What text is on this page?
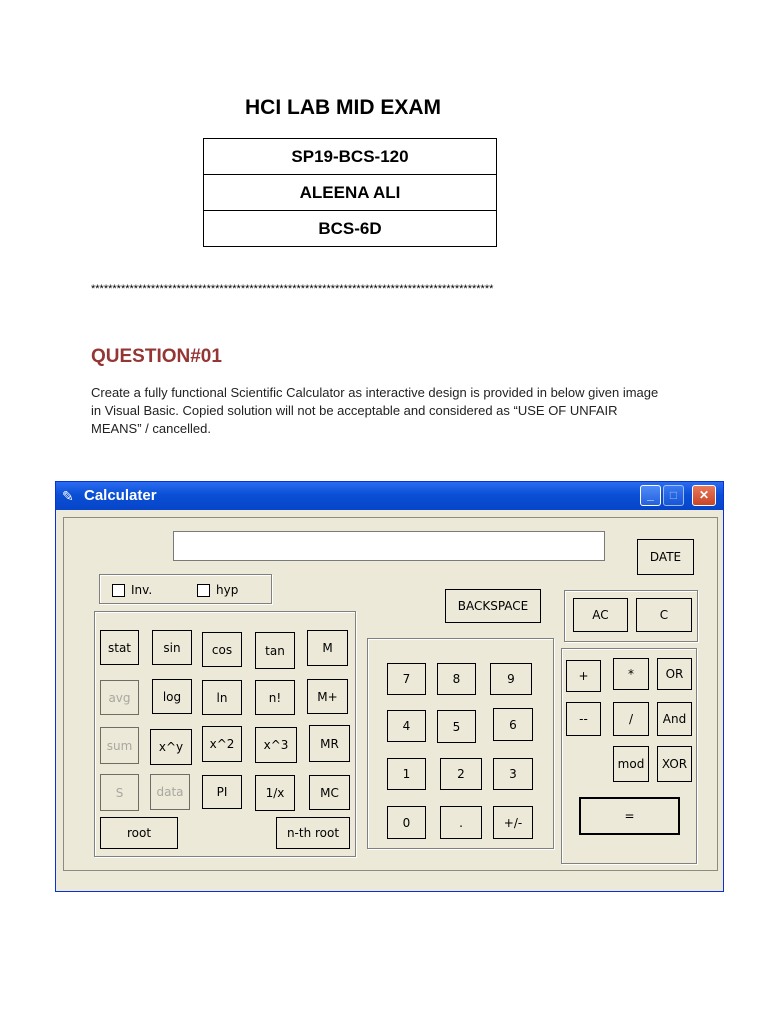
HCI LAB MID EXAM
SP19-BCS-120
ALEENA ALI
BCS-6D
**********************************************************************************************
QUESTION#01
Create a fully functional Scientific Calculator as interactive design is provided in below given image in Visual Basic. Copied solution will not be acceptable and considered as “USE OF UNFAIR MEANS” / cancelled.
✎ Calculater	_	□	✕
DATE
Inv.	hyp
BACKSPACE
AC	C
stat	sin	cos	tan	M
avg	log	ln	n!	M+
sum	x^y	x^2	x^3	MR
S	data	PI	1/x	MC
root	n-th root
7	8	9
4	5	6
1	2	3
0	.	+/-
+	*	OR
--	/	And
mod	XOR
=
